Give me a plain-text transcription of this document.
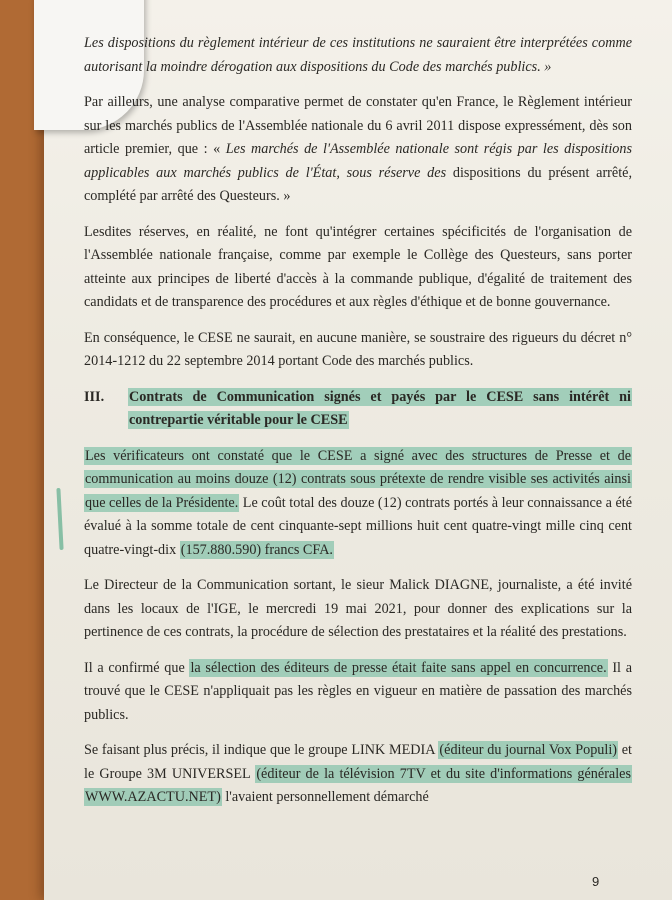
Les dispositions du règlement intérieur de ces institutions ne sauraient être interprétées comme autorisant la moindre dérogation aux dispositions du Code des marchés publics. »

Par ailleurs, une analyse comparative permet de constater qu'en France, le Règlement intérieur sur les marchés publics de l'Assemblée nationale du 6 avril 2011 dispose expressément, dès son article premier, que : « Les marchés de l'Assemblée nationale sont régis par les dispositions applicables aux marchés publics de l'État, sous réserve des dispositions du présent arrêté, complété par arrêté des Questeurs. »

Lesdites réserves, en réalité, ne font qu'intégrer certaines spécificités de l'organisation de l'Assemblée nationale française, comme par exemple le Collège des Questeurs, sans porter atteinte aux principes de liberté d'accès à la commande publique, d'égalité de traitement des candidats et de transparence des procédures et aux règles d'éthique et de bonne gouvernance.

En conséquence, le CESE ne saurait, en aucune manière, se soustraire des rigueurs du décret n° 2014-1212 du 22 septembre 2014 portant Code des marchés publics.

III.	Contrats de Communication signés et payés par le CESE sans intérêt ni contrepartie véritable pour le CESE

Les vérificateurs ont constaté que le CESE a signé avec des structures de Presse et de communication au moins douze (12) contrats sous prétexte de rendre visible ses activités ainsi que celles de la Présidente. Le coût total des douze (12) contrats portés à leur connaissance a été évalué à la somme totale de cent cinquante-sept millions huit cent quatre-vingt mille cinq cent quatre-vingt-dix (157.880.590) francs CFA.

Le Directeur de la Communication sortant, le sieur Malick DIAGNE, journaliste, a été invité dans les locaux de l'IGE, le mercredi 19 mai 2021, pour donner des explications sur la pertinence de ces contrats, la procédure de sélection des prestataires et la réalité des prestations.

Il a confirmé que la sélection des éditeurs de presse était faite sans appel en concurrence. Il a trouvé que le CESE n'appliquait pas les règles en vigueur en matière de passation des marchés publics.

Se faisant plus précis, il indique que le groupe LINK MEDIA (éditeur du journal Vox Populi) et le Groupe 3M UNIVERSEL (éditeur de la télévision 7TV et du site d'informations générales WWW.AZACTU.NET) l'avaient personnellement démarché

9
